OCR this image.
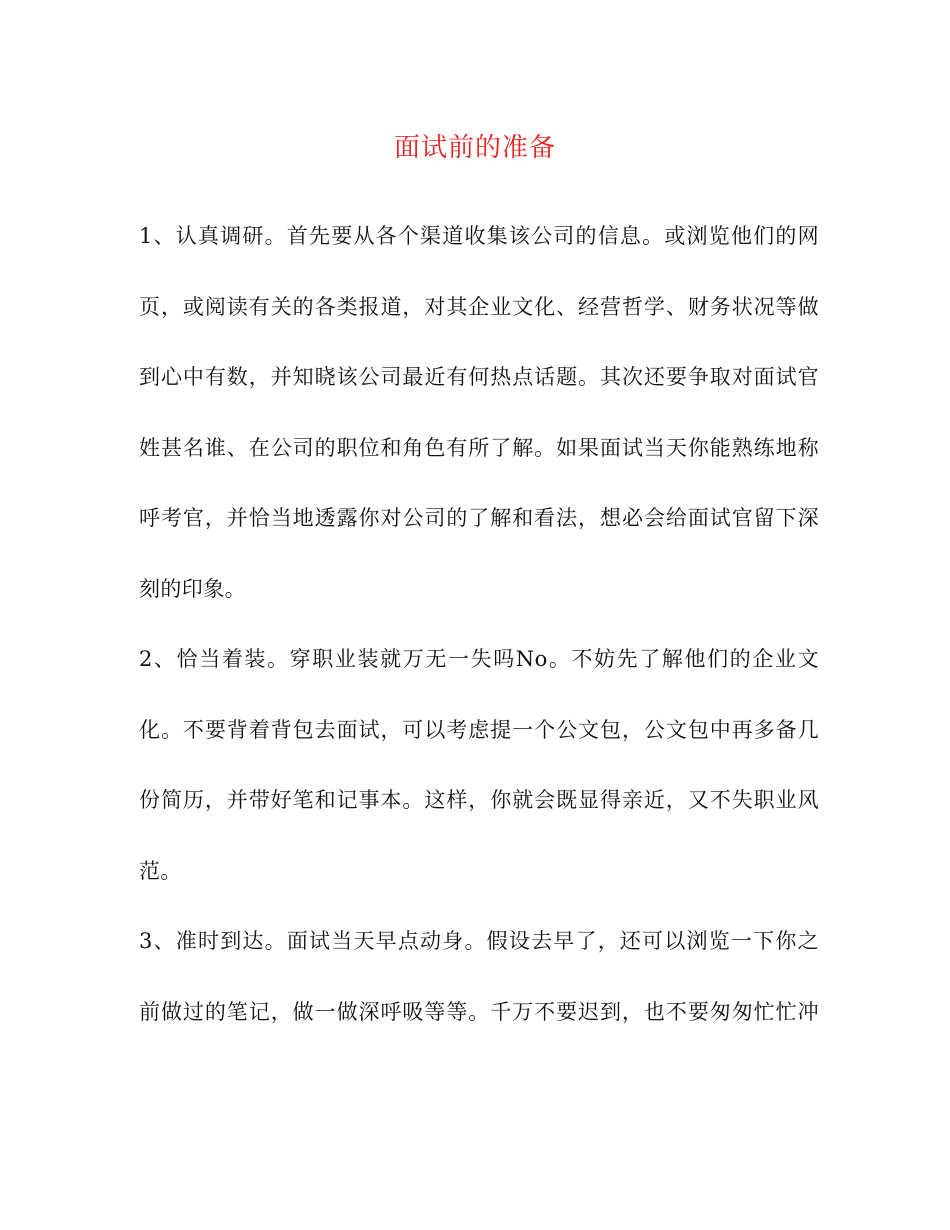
面试前的准备
1、认真调研。首先要从各个渠道收集该公司的信息。或浏览他们的网
页，或阅读有关的各类报道，对其企业文化、经营哲学、财务状况等做
到心中有数，并知晓该公司最近有何热点话题。其次还要争取对面试官
姓甚名谁、在公司的职位和角色有所了解。如果面试当天你能熟练地称
呼考官，并恰当地透露你对公司的了解和看法，想必会给面试官留下深
刻的印象。
2、恰当着装。穿职业装就万无一失吗No。不妨先了解他们的企业文
化。不要背着背包去面试，可以考虑提一个公文包，公文包中再多备几
份简历，并带好笔和记事本。这样，你就会既显得亲近，又不失职业风
范。
3、准时到达。面试当天早点动身。假设去早了，还可以浏览一下你之
前做过的笔记，做一做深呼吸等等。千万不要迟到，也不要匆匆忙忙冲
